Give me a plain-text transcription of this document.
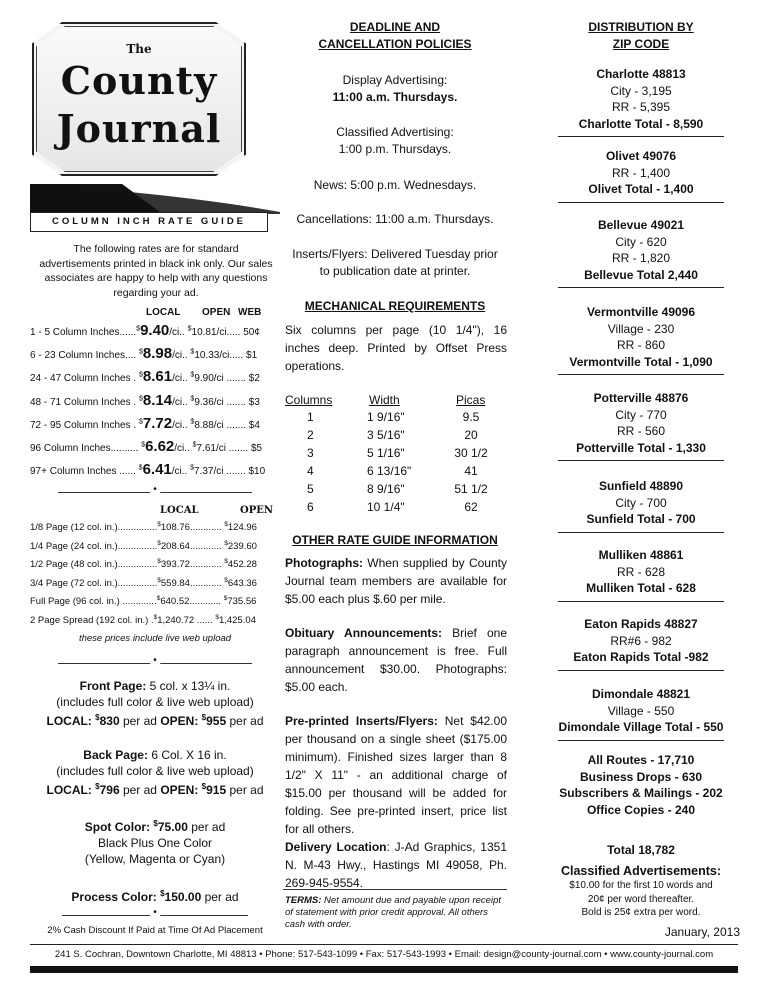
The
County
Journal
COLUMN INCH RATE GUIDE
The following rates are for standard advertisements printed in black ink only. Our sales associates are happy to help with any questions regarding your ad.
LOCAL OPEN WEB
1 - 5 Column Inches......$9.40/ci.. $10.81/ci..... 50¢
6 - 23 Column Inches.... $8.98/ci.. $10.33/ci..... $1
24 - 47 Column Inches . $8.61/ci.. $9.90/ci ....... $2
48 - 71 Column Inches . $8.14/ci.. $9.36/ci ....... $3
72 - 95 Column Inches . $7.72/ci.. $8.88/ci ....... $4
96 Column Inches.......... $6.62/ci.. $7.61/ci ....... $5
97+ Column Inches ...... $6.41/ci.. $7.37/ci ....... $10
•
LOCAL	OPEN
1/8 Page (12 col. in.)...............$108.76............ $124.96
1/4 Page (24 col. in.)...............$208.64............ $239.60
1/2 Page (48 col. in.)...............$393.72............ $452.28
3/4 Page (72 col. in.)...............$559.84............ $643.36
Full Page (96 col. in.) .............$640.52............ $735.56
2 Page Spread (192 col. in.) .$1,240.72 ...... $1,425.04
these prices include live web upload
•
Front Page: 5 col. x 13¼ in.
(includes full color & live web upload)
LOCAL: $830 per ad OPEN: $955 per ad
Back Page: 6 Col. X 16 in.
(includes full color & live web upload)
LOCAL: $796 per ad OPEN: $915 per ad
Spot Color: $75.00 per ad
Black Plus One Color
(Yellow, Magenta or Cyan)
Process Color: $150.00 per ad
•
2% Cash Discount If Paid at Time Of Ad Placement
DEADLINE AND
CANCELLATION POLICIES
Display Advertising:
11:00 a.m. Thursdays.
Classified Advertising:
1:00 p.m. Thursdays.
News: 5:00 p.m. Wednesdays.
Cancellations: 11:00 a.m. Thursdays.
Inserts/Flyers: Delivered Tuesday prior
to publication date at printer.
MECHANICAL REQUIREMENTS
Six columns per page (10 1/4"), 16 inches deep. Printed by Offset Press operations.
Columns	Width	Picas
1	1 9/16"	9.5
2	3 5/16"	20
3	5 1/16"	30 1/2
4	6 13/16"	41
5	8 9/16"	51 1/2
6	10 1/4"	62
OTHER RATE GUIDE INFORMATION
Photographs: When supplied by County Journal team members are available for $5.00 each plus $.60 per mile.
Obituary Announcements: Brief one paragraph announcement is free. Full announcement $30.00. Photographs: $5.00 each.
Pre-printed Inserts/Flyers: Net $42.00 per thousand on a single sheet ($175.00 minimum). Finished sizes larger than 8 1/2" X 11" - an additional charge of $15.00 per thousand will be added for folding. See pre-printed insert, price list for all others.
Delivery Location: J-Ad Graphics, 1351 N. M-43 Hwy., Hastings MI 49058, Ph. 269-945-9554.
TERMS: Net amount due and payable upon receipt of statement with prior credit approval. All others cash with order.
DISTRIBUTION BY
ZIP CODE
Charlotte 48813
City - 3,195
RR - 5,395
Charlotte Total - 8,590
Olivet 49076
RR - 1,400
Olivet Total - 1,400
Bellevue 49021
City - 620
RR - 1,820
Bellevue Total 2,440
Vermontville 49096
Village - 230
RR - 860
Vermontville Total - 1,090
Potterville 48876
City - 770
RR - 560
Potterville Total - 1,330
Sunfield 48890
City - 700
Sunfield Total - 700
Mulliken 48861
RR - 628
Mulliken Total - 628
Eaton Rapids 48827
RR#6 - 982
Eaton Rapids Total -982
Dimondale 48821
Village - 550
Dimondale Village Total - 550
All Routes - 17,710
Business Drops - 630
Subscribers & Mailings - 202
Office Copies - 240
Total 18,782
Classified Advertisements:
$10.00 for the first 10 words and
20¢ per word thereafter.
Bold is 25¢ extra per word.
January, 2013
241 S. Cochran, Downtown Charlotte, MI 48813 • Phone: 517-543-1099 • Fax: 517-543-1993 • Email: design@county-journal.com • www.county-journal.com
